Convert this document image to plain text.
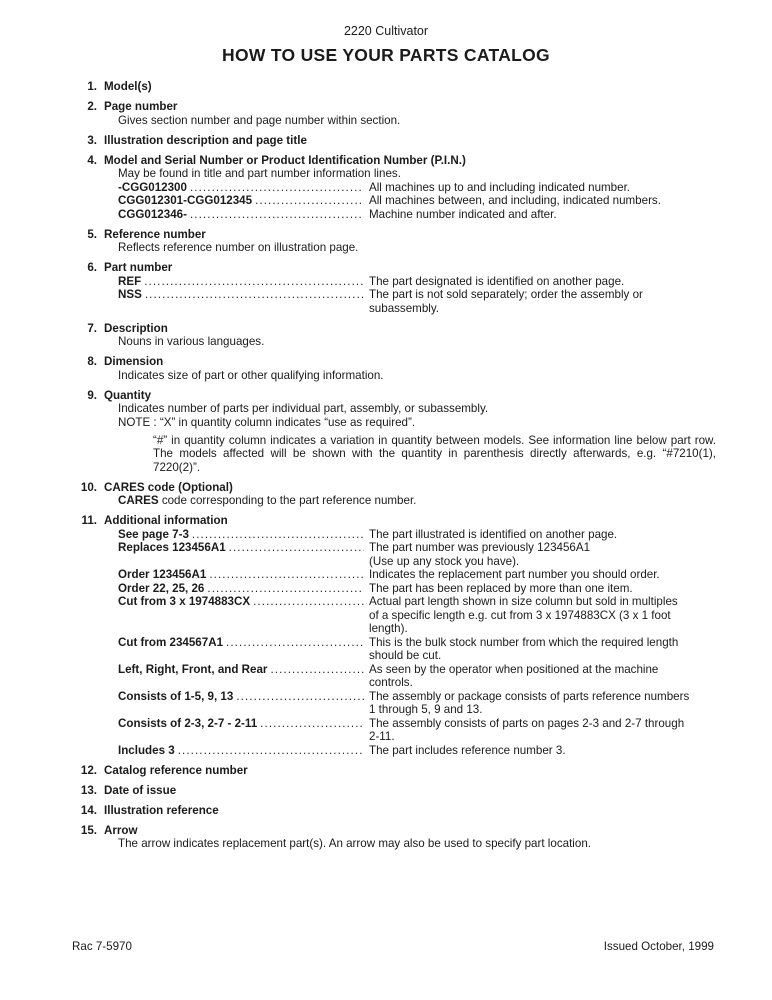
2220 Cultivator
HOW TO USE YOUR PARTS CATALOG
1. Model(s)
2. Page number
Gives section number and page number within section.
3. Illustration description and page title
4. Model and Serial Number or Product Identification Number (P.I.N.)
May be found in title and part number information lines.
-CGG012300 .....	All machines up to and including indicated number.
CGG012301-CGG012345 .....	All machines between, and including, indicated numbers.
CGG012346- .....	Machine number indicated and after.
5. Reference number
Reflects reference number on illustration page.
6. Part number
REF .....	The part designated is identified on another page.
NSS .....	The part is not sold separately; order the assembly or
subassembly.
7. Description
Nouns in various languages.
8. Dimension
Indicates size of part or other qualifying information.
9. Quantity
Indicates number of parts per individual part, assembly, or subassembly.
NOTE : “X” in quantity column indicates “use as required”.
“#” in quantity column indicates a variation in quantity between models. See information line below part row. The models affected will be shown with the quantity in parenthesis directly afterwards, e.g. “#7210(1), 7220(2)”.
10. CARES code (Optional)
CARES code corresponding to the part reference number.
11. Additional information
See page 7-3 .....	The part illustrated is identified on another page.
Replaces 123456A1 .....	The part number was previously 123456A1
(Use up any stock you have).
Order 123456A1 .....	Indicates the replacement part number you should order.
Order 22, 25, 26 .....	The part has been replaced by more than one item.
Cut from 3 x 1974883CX .....	Actual part length shown in size column but sold in multiples
of a specific length e.g. cut from 3 x 1974883CX (3 x 1 foot
length).
Cut from 234567A1 .....	This is the bulk stock number from which the required length
should be cut.
Left, Right, Front, and Rear .....	As seen by the operator when positioned at the machine
controls.
Consists of 1-5, 9, 13 .....	The assembly or package consists of parts reference numbers
1 through 5, 9 and 13.
Consists of 2-3, 2-7 - 2-11 .....	The assembly consists of parts on pages 2-3 and 2-7 through
2-11.
Includes 3 .....	The part includes reference number 3.
12. Catalog reference number
13. Date of issue
14. Illustration reference
15. Arrow
The arrow indicates replacement part(s). An arrow may also be used to specify part location.
Rac 7-5970	Issued October, 1999
